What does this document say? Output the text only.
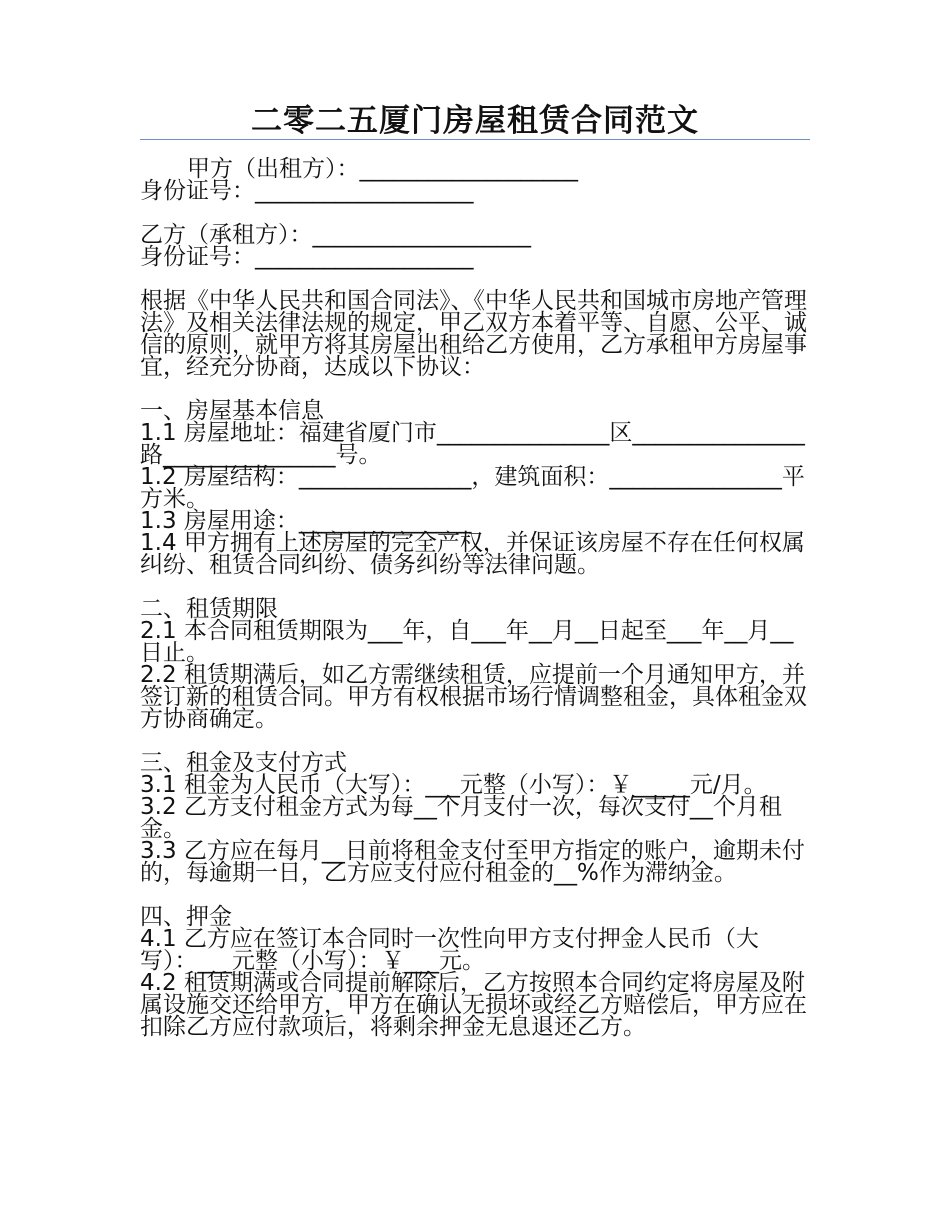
二零二五厦门房屋租赁合同范文

甲方（出租方）：___________________

身份证号：___________________

乙方（承租方）：___________________

身份证号：___________________

根据《中华人民共和国合同法》、《中华人民共和国城市房地产管理法》及相关法律法规的规定，甲乙双方本着平等、自愿、公平、诚信的原则，就甲方将其房屋出租给乙方使用，乙方承租甲方房屋事宜，经充分协商，达成以下协议：

一、房屋基本信息

1.1 房屋地址：福建省厦门市_______________区_______________路_______________号。

1.2 房屋结构：_______________，建筑面积：_______________平方米。

1.3 房屋用途：_______________

1.4 甲方拥有上述房屋的完全产权，并保证该房屋不存在任何权属纠纷、租赁合同纠纷、债务纠纷等法律问题。

二、租赁期限

2.1 本合同租赁期限为___年，自___年__月__日起至___年__月__日止。

2.2 租赁期满后，如乙方需继续租赁，应提前一个月通知甲方，并签订新的租赁合同。甲方有权根据市场行情调整租金，具体租金双方协商确定。

三、租金及支付方式

3.1 租金为人民币（大写）：___元整（小写）：￥_____元/月。

3.2 乙方支付租金方式为每__个月支付一次，每次支付__个月租金。

3.3 乙方应在每月__日前将租金支付至甲方指定的账户，逾期未付的，每逾期一日，乙方应支付应付租金的__%作为滞纳金。

四、押金

4.1 乙方应在签订本合同时一次性向甲方支付押金人民币（大写）：___元整（小写）：￥___元。

4.2 租赁期满或合同提前解除后，乙方按照本合同约定将房屋及附属设施交还给甲方，甲方在确认无损坏或经乙方赔偿后，甲方应在扣除乙方应付款项后，将剩余押金无息退还乙方。
